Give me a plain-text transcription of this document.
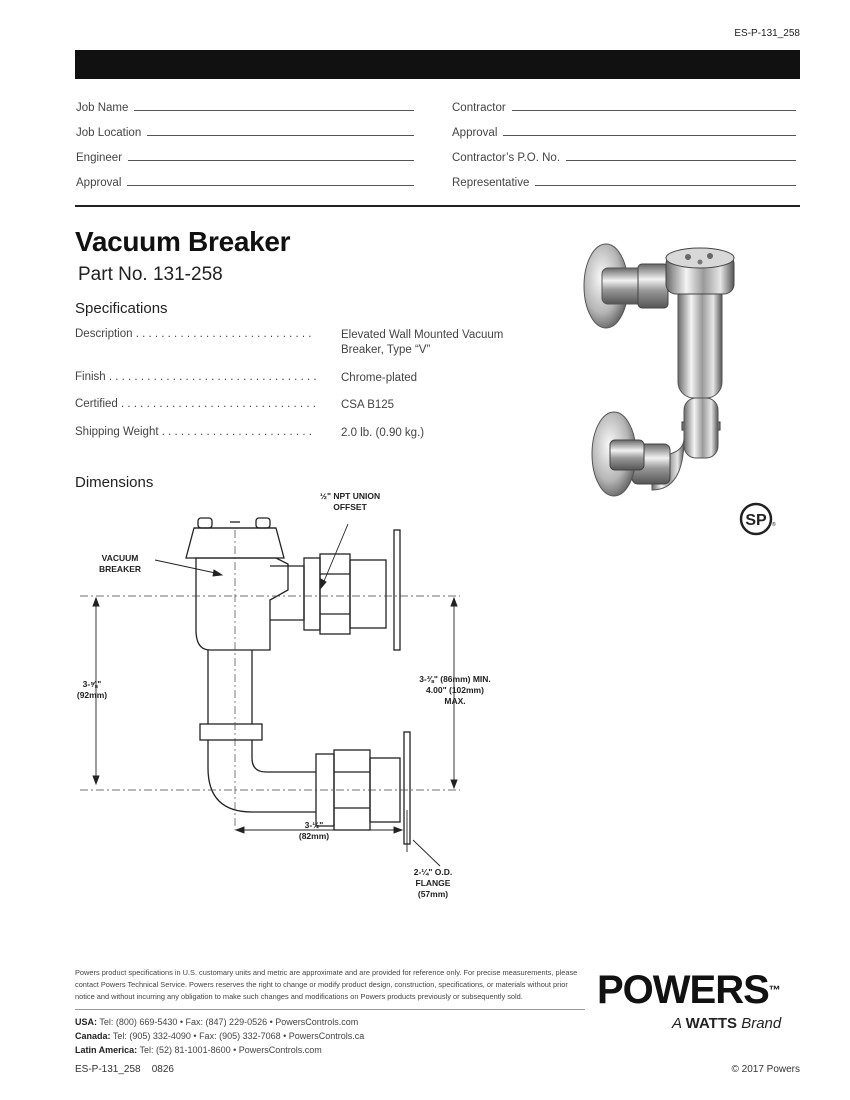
ES-P-131_258
Job Name
Job Location
Engineer
Approval
Contractor
Approval
Contractor’s P.O. No.
Representative
Vacuum Breaker
Part No. 131-258
Specifications
Description . . . . . . . . . . . . . . . . . . . . . . . . . . . .	Elevated Wall Mounted Vacuum Breaker, Type “V”
Finish . . . . . . . . . . . . . . . . . . . . . . . . . . . . . . . . .	Chrome-plated
Certified . . . . . . . . . . . . . . . . . . . . . . . . . . . . . . .	CSA B125
Shipping Weight . . . . . . . . . . . . . . . . . . . . . . . .	2.0 lb. (0.90 kg.)
SP ®
Dimensions
½" NPT UNION
OFFSET
VACUUM
BREAKER
3-⅝"
(92mm)
3-⅜" (86mm) MIN.
4.00" (102mm)
MAX.
3-½"
(82mm)
2-¼" O.D.
FLANGE
(57mm)
Powers product specifications in U.S. customary units and metric are approximate and are provided for reference only. For precise measurements, please contact Powers Technical Service. Powers reserves the right to change or modify product design, construction, specifications, or materials without prior notice and without incurring any obligation to make such changes and modifications on Powers products previously or subsequently sold.
USA: Tel: (800) 669-5430 • Fax: (847) 229-0526 • PowersControls.com
Canada: Tel: (905) 332-4090 • Fax: (905) 332-7068 • PowersControls.ca
Latin America: Tel: (52) 81-1001-8600 • PowersControls.com
POWERS™
A WATTS Brand
ES-P-131_258    0826	© 2017 Powers
